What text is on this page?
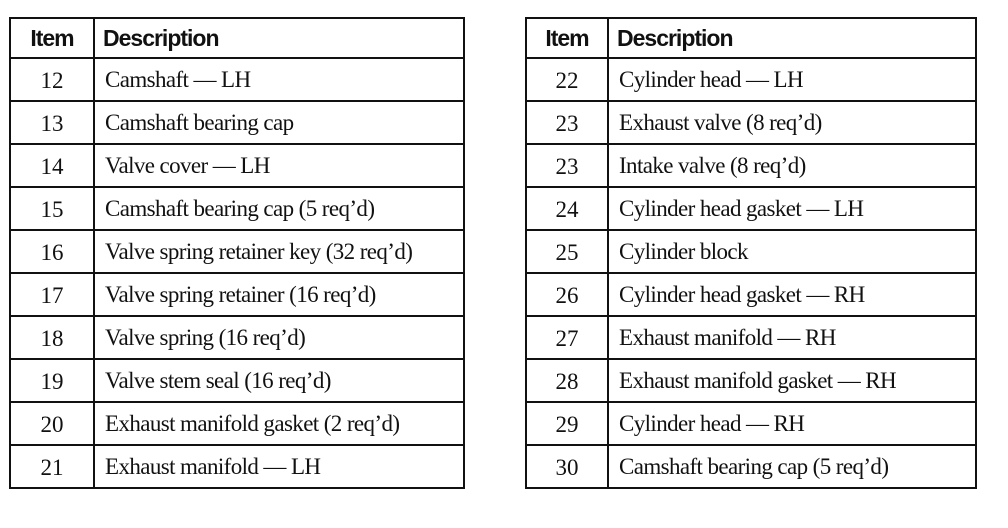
Item	Description
12	Camshaft — LH
13	Camshaft bearing cap
14	Valve cover — LH
15	Camshaft bearing cap (5 req’d)
16	Valve spring retainer key (32 req’d)
17	Valve spring retainer (16 req’d)
18	Valve spring (16 req’d)
19	Valve stem seal (16 req’d)
20	Exhaust manifold gasket (2 req’d)
21	Exhaust manifold — LH
Item	Description
22	Cylinder head — LH
23	Exhaust valve (8 req’d)
23	Intake valve (8 req’d)
24	Cylinder head gasket — LH
25	Cylinder block
26	Cylinder head gasket — RH
27	Exhaust manifold — RH
28	Exhaust manifold gasket — RH
29	Cylinder head — RH
30	Camshaft bearing cap (5 req’d)
